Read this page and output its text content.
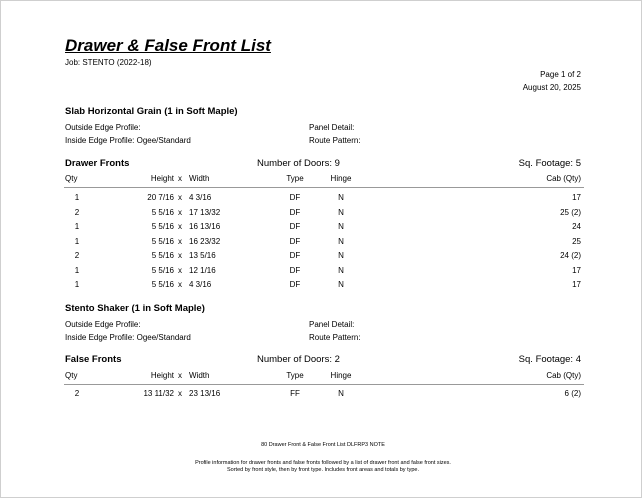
Drawer & False Front List
Job: STENTO (2022-18)
Page 1 of 2
August 20, 2025
Slab Horizontal Grain (1 in Soft Maple)
Outside Edge Profile:
Inside Edge Profile: Ogee/Standard
Panel Detail:
Route Pattern:
Drawer Fronts	Number of Doors: 9	Sq. Footage: 5
Qty	Height x Width	Type	Hinge	Cab (Qty)
1	20 7/16 x 4 3/16	DF	N	17
2	5 5/16 x 17 13/32	DF	N	25 (2)
1	5 5/16 x 16 13/16	DF	N	24
1	5 5/16 x 16 23/32	DF	N	25
2	5 5/16 x 13 5/16	DF	N	24 (2)
1	5 5/16 x 12 1/16	DF	N	17
1	5 5/16 x 4 3/16	DF	N	17
Stento Shaker (1 in Soft Maple)
Outside Edge Profile:
Inside Edge Profile: Ogee/Standard
Panel Detail:
Route Pattern:
False Fronts	Number of Doors: 2	Sq. Footage: 4
Qty	Height x Width	Type	Hinge	Cab (Qty)
2	13 11/32 x 23 13/16	FF	N	6 (2)
80 Drawer Front & False Front List DLFRP3 NOTE
Profile information for drawer fronts and false fronts followed by a list of drawer front and false front sizes.
Sorted by front style, then by front type. Includes front areas and totals by type.
